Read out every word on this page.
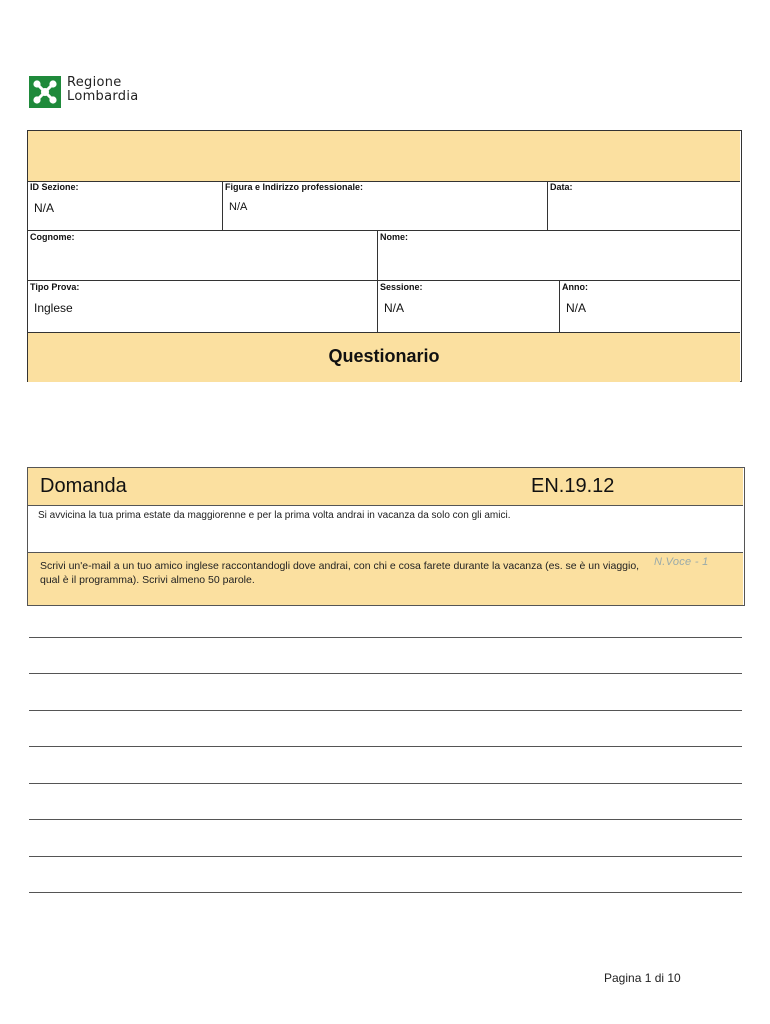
Regione
Lombardia
ID Sezione:
N/A
Figura e Indirizzo professionale:
N/A
Data:
Cognome:	Nome:
Tipo Prova:
Inglese
Sessione:
N/A
Anno:
N/A
Questionario
Domanda	EN.19.12
Si avvicina la tua prima estate da maggiorenne e per la prima volta andrai in vacanza da solo con gli amici.
Scrivi un'e-mail a un tuo amico inglese raccontandogli dove andrai, con chi e cosa farete durante la vacanza (es. se è un viaggio, qual è il programma). Scrivi almeno 50 parole.
N.Voce - 1
Pagina 1 di 10
